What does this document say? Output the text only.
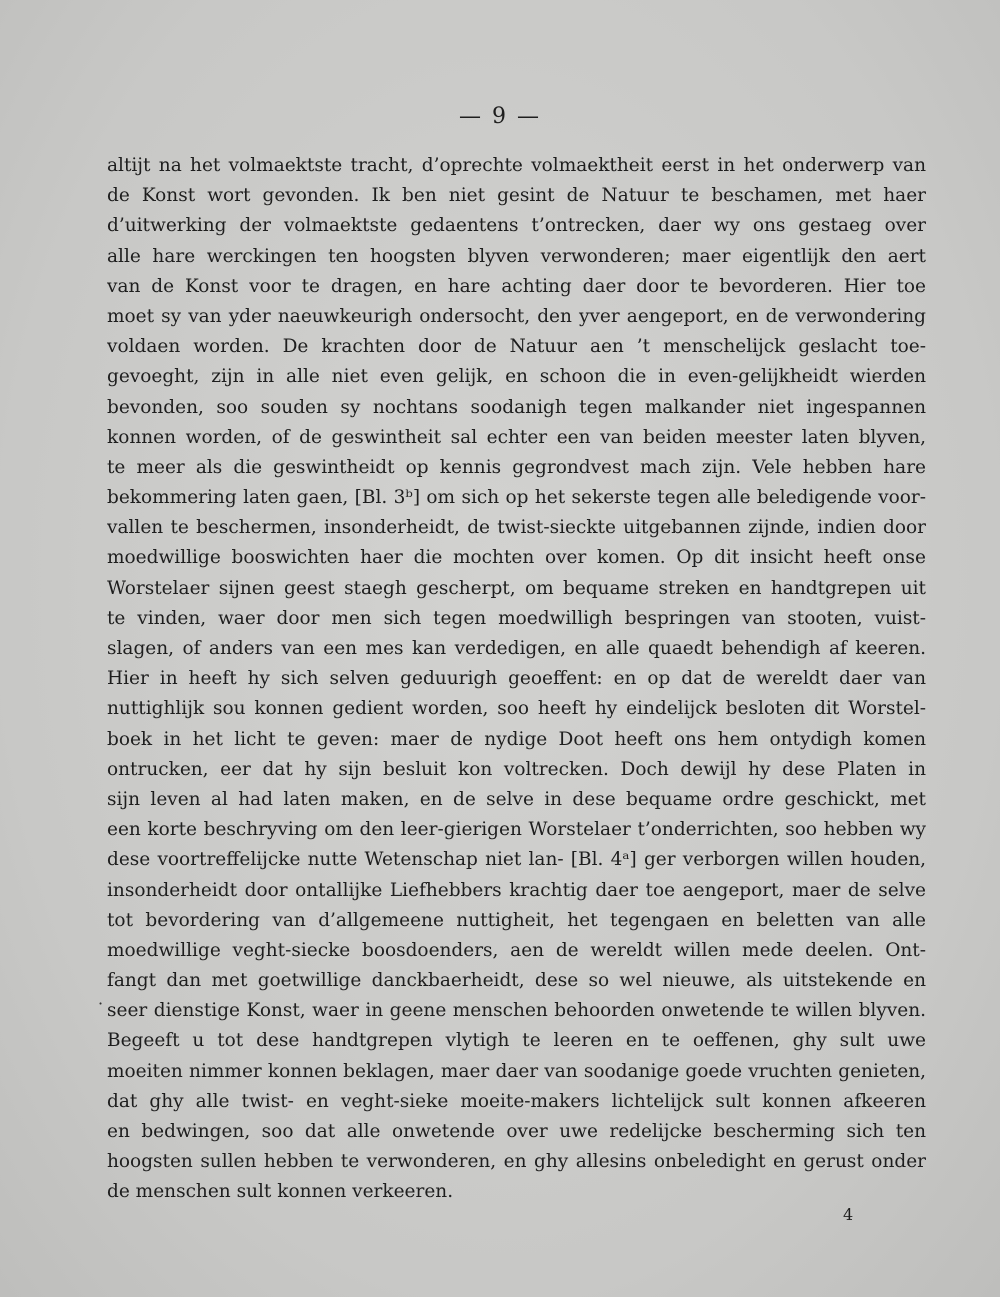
— 9 —
altijt na het volmaektste tracht, d’oprechte volmaektheit eerst in het onderwerp van
de Konst wort gevonden. Ik ben niet gesint de Natuur te beschamen, met haer
d’uitwerking der volmaektste gedaentens t’ontrecken, daer wy ons gestaeg over
alle hare werckingen ten hoogsten blyven verwonderen; maer eigentlijk den aert
van de Konst voor te dragen, en hare achting daer door te bevorderen. Hier toe
moet sy van yder naeuwkeurigh ondersocht, den yver aengeport, en de verwondering
voldaen worden. De krachten door de Natuur aen ’t menschelijck geslacht toe-
gevoeght, zijn in alle niet even gelijk, en schoon die in even-gelijkheidt wierden
bevonden, soo souden sy nochtans soodanigh tegen malkander niet ingespannen
konnen worden, of de geswintheit sal echter een van beiden meester laten blyven,
te meer als die geswintheidt op kennis gegrondvest mach zijn. Vele hebben hare
bekommering laten gaen, [Bl. 3ᵇ] om sich op het sekerste tegen alle beledigende voor-
vallen te beschermen, insonderheidt, de twist-sieckte uitgebannen zijnde, indien door
moedwillige booswichten haer die mochten over komen. Op dit insicht heeft onse
Worstelaer sijnen geest staegh gescherpt, om bequame streken en handtgrepen uit
te vinden, waer door men sich tegen moedwilligh bespringen van stooten, vuist-
slagen, of anders van een mes kan verdedigen, en alle quaedt behendigh af keeren.
Hier in heeft hy sich selven geduurigh geoeffent: en op dat de wereldt daer van
nuttighlijk sou konnen gedient worden, soo heeft hy eindelijck besloten dit Worstel-
boek in het licht te geven: maer de nydige Doot heeft ons hem ontydigh komen
ontrucken, eer dat hy sijn besluit kon voltrecken. Doch dewijl hy dese Platen in
sijn leven al had laten maken, en de selve in dese bequame ordre geschickt, met
een korte beschryving om den leer-gierigen Worstelaer t’onderrichten, soo hebben wy
dese voortreffelijcke nutte Wetenschap niet lan- [Bl. 4ᵃ] ger verborgen willen houden,
insonderheidt door ontallijke Liefhebbers krachtig daer toe aengeport, maer de selve
tot bevordering van d’allgemeene nuttigheit, het tegengaen en beletten van alle
moedwillige veght-siecke boosdoenders, aen de wereldt willen mede deelen. Ont-
fangt dan met goetwillige danckbaerheidt, dese so wel nieuwe, als uitstekende en
seer dienstige Konst, waer in geene menschen behoorden onwetende te willen blyven.
Begeeft u tot dese handtgrepen vlytigh te leeren en te oeffenen, ghy sult uwe
moeiten nimmer konnen beklagen, maer daer van soodanige goede vruchten genieten,
dat ghy alle twist- en veght-sieke moeite-makers lichtelijck sult konnen afkeeren
en bedwingen, soo dat alle onwetende over uwe redelijcke bescherming sich ten
hoogsten sullen hebben te verwonderen, en ghy allesins onbeledight en gerust onder
de menschen sult konnen verkeeren.
·
4
